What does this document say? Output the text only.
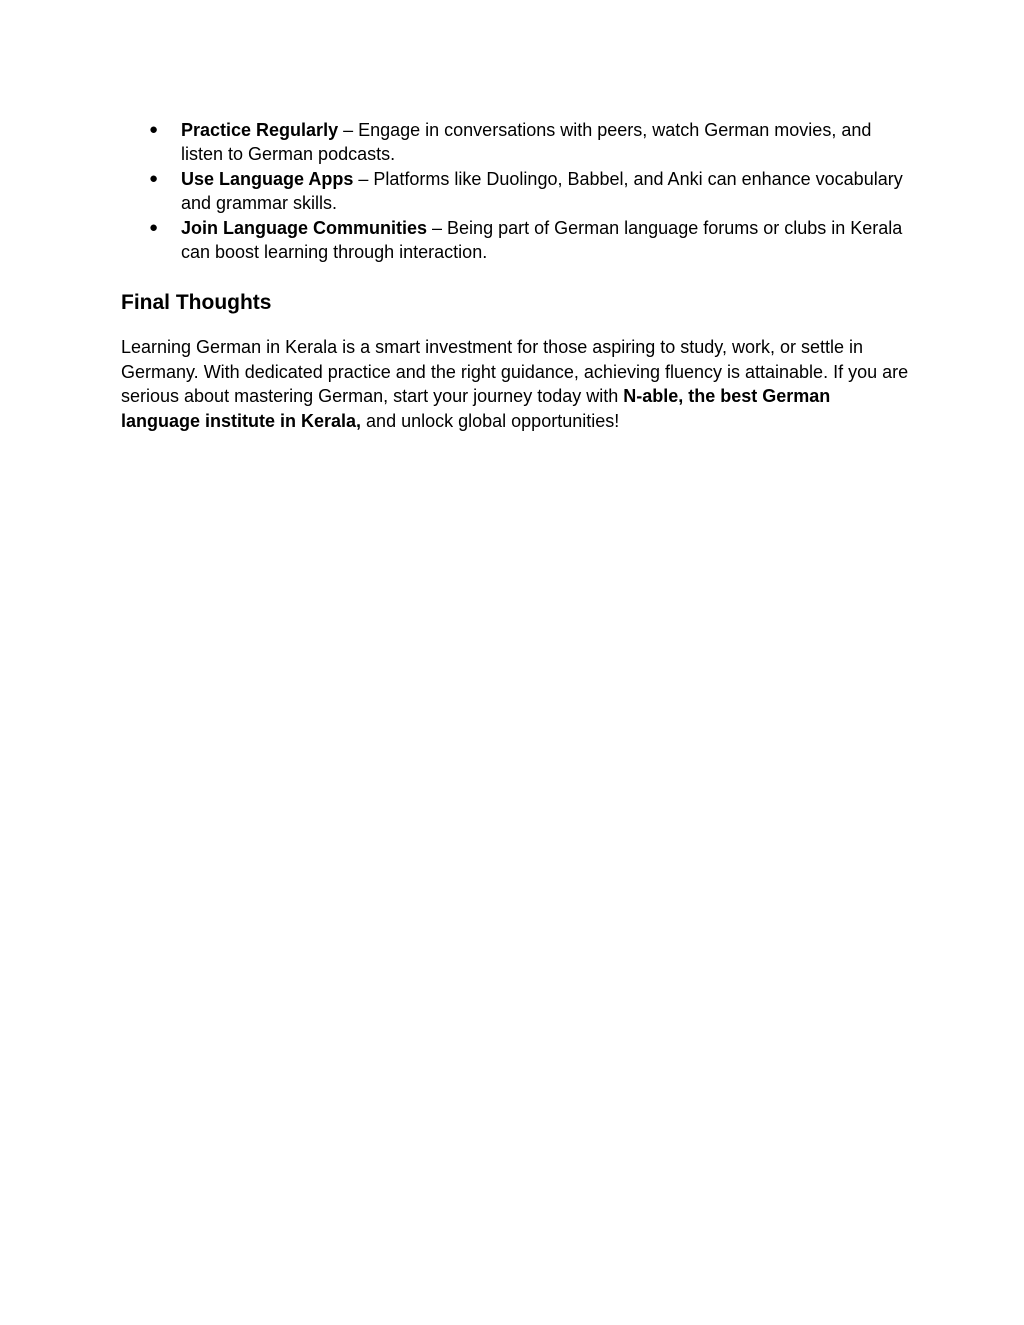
● Practice Regularly – Engage in conversations with peers, watch German movies, and listen to German podcasts.
● Use Language Apps – Platforms like Duolingo, Babbel, and Anki can enhance vocabulary and grammar skills.
● Join Language Communities – Being part of German language forums or clubs in Kerala can boost learning through interaction.
Final Thoughts

Learning German in Kerala is a smart investment for those aspiring to study, work, or settle in Germany. With dedicated practice and the right guidance, achieving fluency is attainable. If you are serious about mastering German, start your journey today with N-able, the best German language institute in Kerala, and unlock global opportunities!
